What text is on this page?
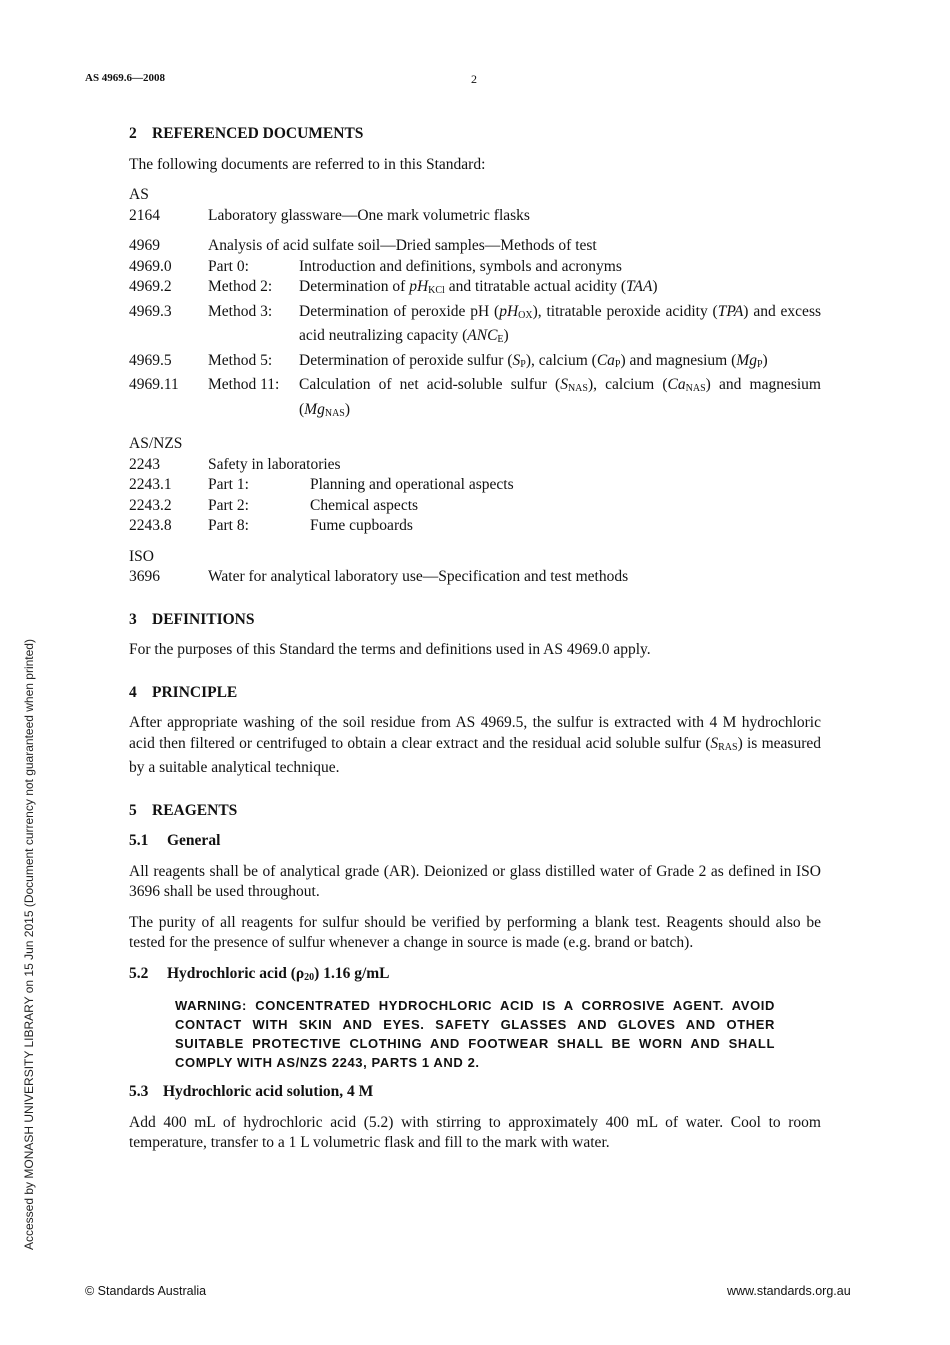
AS 4969.6—2008	2
Accessed by MONASH UNIVERSITY LIBRARY on 15 Jun 2015 (Document currency not guaranteed when printed)
2 REFERENCED DOCUMENTS

The following documents are referred to in this Standard:

AS
2164	Laboratory glassware—One mark volumetric flasks
4969	Analysis of acid sulfate soil—Dried samples—Methods of test
4969.0	Part 0:	Introduction and definitions, symbols and acronyms
4969.2	Method 2:	Determination of $pH_{KCl}$ and titratable actual acidity (TAA)
4969.3	Method 3:	Determination of peroxide pH $(pH_{OX})$, titratable peroxide acidity (TPA) and excess acid neutralizing capacity $(ANC_E)$
4969.5	Method 5:	Determination of peroxide sulfur $(S_P)$, calcium $(Ca_P)$ and magnesium $(Mg_P)$
4969.11	Method 11:	Calculation of net acid-soluble sulfur $(S_{NAS})$, calcium $(Ca_{NAS})$ and magnesium $(Mg_{NAS})$
AS/NZS
2243	Safety in laboratories
2243.1	Part 1:	Planning and operational aspects
2243.2	Part 2:	Chemical aspects
2243.8	Part 8:	Fume cupboards
ISO
3696	Water for analytical laboratory use—Specification and test methods
3 DEFINITIONS

For the purposes of this Standard the terms and definitions used in AS 4969.0 apply.

4 PRINCIPLE

After appropriate washing of the soil residue from AS 4969.5, the sulfur is extracted with 4 M hydrochloric acid then filtered or centrifuged to obtain a clear extract and the residual acid soluble sulfur $(S_{RAS})$ is measured by a suitable analytical technique.

5 REAGENTS
5.1 General

All reagents shall be of analytical grade (AR). Deionized or glass distilled water of Grade 2 as defined in ISO 3696 shall be used throughout.

The purity of all reagents for sulfur should be verified by performing a blank test. Reagents should also be tested for the presence of sulfur whenever a change in source is made (e.g. brand or batch).

5.2 Hydrochloric acid $(\rho_{20})$ 1.16 g/mL
WARNING: CONCENTRATED HYDROCHLORIC ACID IS A CORROSIVE AGENT. AVOID CONTACT WITH SKIN AND EYES. SAFETY GLASSES AND GLOVES AND OTHER SUITABLE PROTECTIVE CLOTHING AND FOOTWEAR SHALL BE WORN AND SHALL COMPLY WITH AS/NZS 2243, PARTS 1 AND 2.
5.3 Hydrochloric acid solution, 4 M

Add 400 mL of hydrochloric acid (5.2) with stirring to approximately 400 mL of water. Cool to room temperature, transfer to a 1 L volumetric flask and fill to the mark with water.

© Standards Australia	www.standards.org.au
